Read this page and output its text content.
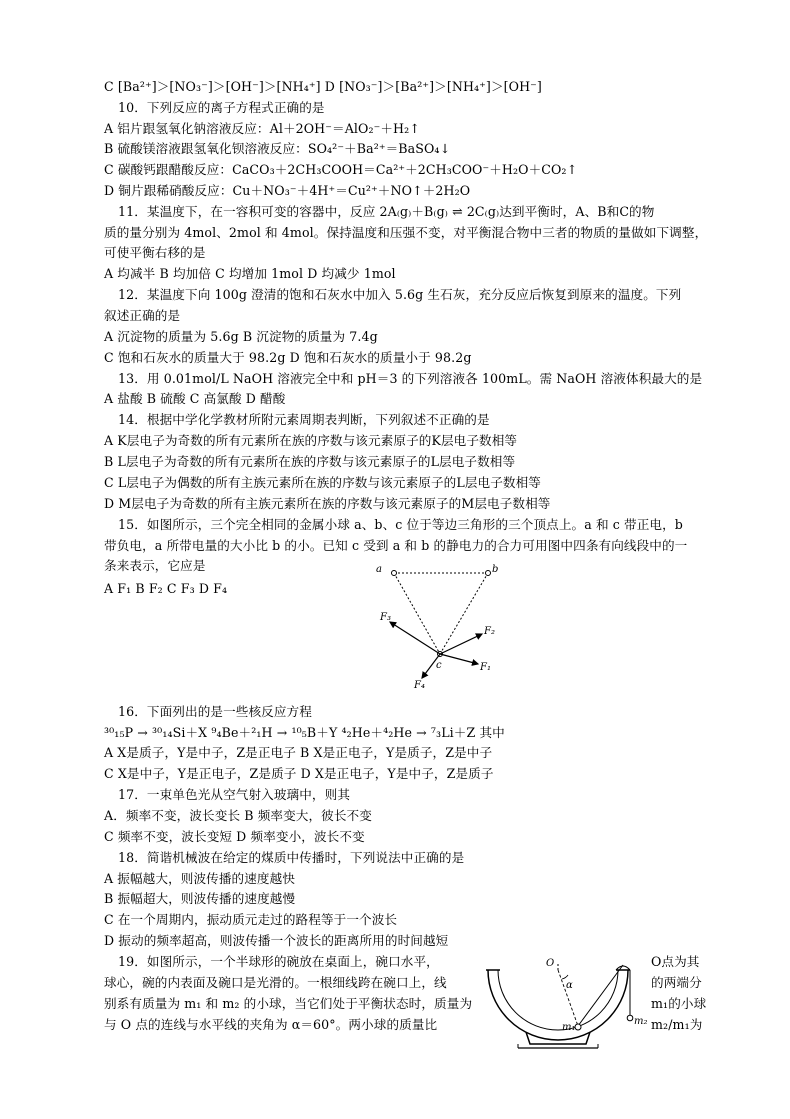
C [Ba²⁺]＞[NO₃⁻]＞[OH⁻]＞[NH₄⁺] D [NO₃⁻]＞[Ba²⁺]＞[NH₄⁺]＞[OH⁻]
10．下列反应的离子方程式正确的是
A 铝片跟氢氧化钠溶液反应：Al＋2OH⁻＝AlO₂⁻＋H₂↑
B 硫酸镁溶液跟氢氧化钡溶液反应：SO₄²⁻＋Ba²⁺＝BaSO₄↓
C 碳酸钙跟醋酸反应：CaCO₃＋2CH₃COOH＝Ca²⁺＋2CH₃COO⁻＋H₂O＋CO₂↑
D 铜片跟稀硝酸反应：Cu＋NO₃⁻＋4H⁺＝Cu²⁺＋NO↑＋2H₂O
11．某温度下，在一容积可变的容器中，反应 2A₍g₎＋B₍g₎ ⇌ 2C₍g₎达到平衡时，A、B和C的物
质的量分别为 4mol、2mol 和 4mol。保持温度和压强不变，对平衡混合物中三者的物质的量做如下调整，
可使平衡右移的是
A 均减半 B 均加倍 C 均增加 1mol D 均减少 1mol
12．某温度下向 100g 澄清的饱和石灰水中加入 5.6g 生石灰，充分反应后恢复到原来的温度。下列
叙述正确的是
A 沉淀物的质量为 5.6g B 沉淀物的质量为 7.4g
C 饱和石灰水的质量大于 98.2g D 饱和石灰水的质量小于 98.2g
13．用 0.01mol/L NaOH 溶液完全中和 pH＝3 的下列溶液各 100mL。需 NaOH 溶液体积最大的是
A 盐酸 B 硫酸 C 高氯酸 D 醋酸
14．根据中学化学教材所附元素周期表判断，下列叙述不正确的是
A K层电子为奇数的所有元素所在族的序数与该元素原子的K层电子数相等
B L层电子为奇数的所有元素所在族的序数与该元素原子的L层电子数相等
C L层电子为偶数的所有主族元素所在族的序数与该元素原子的L层电子数相等
D M层电子为奇数的所有主族元素所在族的序数与该元素原子的M层电子数相等
15．如图所示，三个完全相同的金属小球 a、b、c 位于等边三角形的三个顶点上。a 和 c 带正电，b
带负电，a 所带电量的大小比 b 的小。已知 c 受到 a 和 b 的静电力的合力可用图中四条有向线段中的一
条来表示，它应是
A F₁ B F₂ C F₃ D F₄
a	b
c	F₁
F₂
F₃
F₄
16．下面列出的是一些核反应方程
³⁰₁₅P → ³⁰₁₄Si＋X ⁹₄Be＋²₁H → ¹⁰₅B＋Y ⁴₂He＋⁴₂He → ⁷₃Li＋Z 其中
A X是质子，Y是中子，Z是正电子 B X是正电子，Y是质子，Z是中子
C X是中子，Y是正电子，Z是质子 D X是正电子，Y是中子，Z是质子
17．一束单色光从空气射入玻璃中，则其
A．频率不变，波长变长 B 频率变大，彼长不变
C 频率不变，波长变短 D 频率变小，波长不变
18．简谐机械波在给定的煤质中传播时，下列说法中正确的是
A 振幅越大，则波传播的速度越快
B 振幅超大，则波传播的速度越慢
C 在一个周期内，振动质元走过的路程等于一个波长
D 振动的频率超高，则波传播一个波长的距离所用的时间越短
19．如图所示，一个半球形的碗放在桌面上，碗口水平，
球心，碗的内表面及碗口是光滑的。一根细线跨在碗口上，线
别系有质量为 m₁ 和 m₂ 的小球，当它们处于平衡状态时，质量为
与 O 点的连线与水平线的夹角为 α＝60°。两小球的质量比
O点为其
的两端分
m₁的小球
m₂/m₁为
O
α
m₁
m₂
